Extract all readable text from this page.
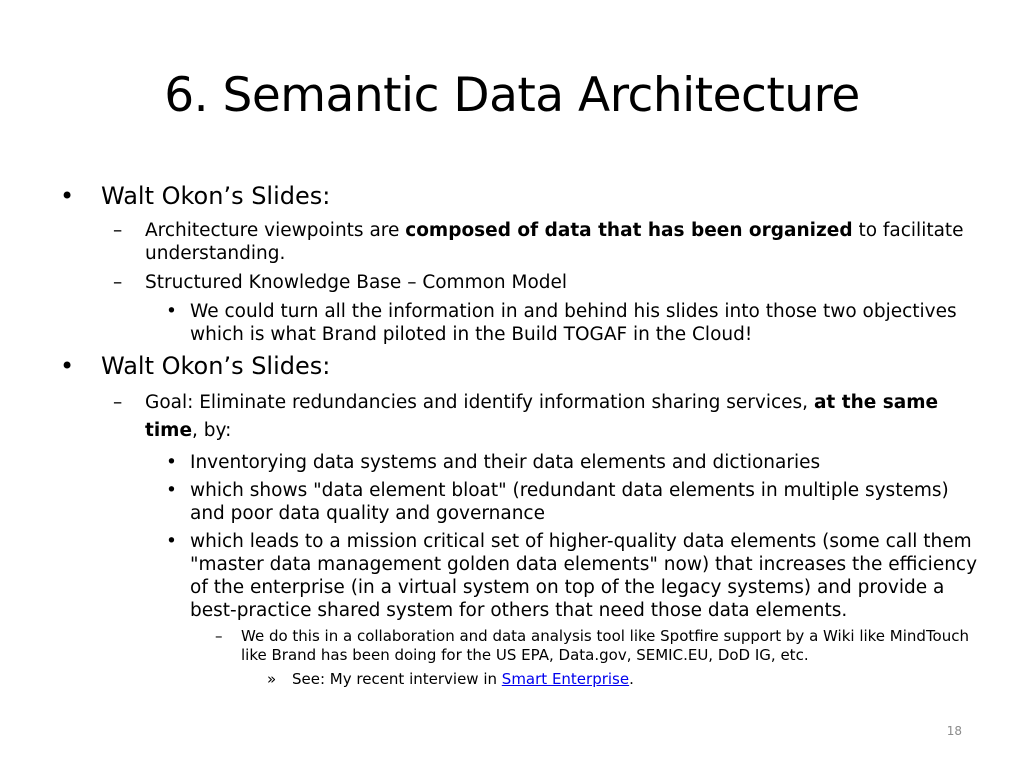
6. Semantic Data Architecture
• Walt Okon’s Slides:
– Architecture viewpoints are composed of data that has been organized to facilitate understanding.
– Structured Knowledge Base – Common Model
• We could turn all the information in and behind his slides into those two objectives which is what Brand piloted in the Build TOGAF in the Cloud!
• Walt Okon’s Slides:
– Goal: Eliminate redundancies and identify information sharing services, at the same time, by:
• Inventorying data systems and their data elements and dictionaries
• which shows "data element bloat" (redundant data elements in multiple systems) and poor data quality and governance
• which leads to a mission critical set of higher-quality data elements (some call them "master data management golden data elements" now) that increases the efficiency of the enterprise (in a virtual system on top of the legacy systems) and provide a best-practice shared system for others that need those data elements.
– We do this in a collaboration and data analysis tool like Spotfire support by a Wiki like MindTouch like Brand has been doing for the US EPA, Data.gov, SEMIC.EU, DoD IG, etc.
» See: My recent interview in Smart Enterprise.
18
